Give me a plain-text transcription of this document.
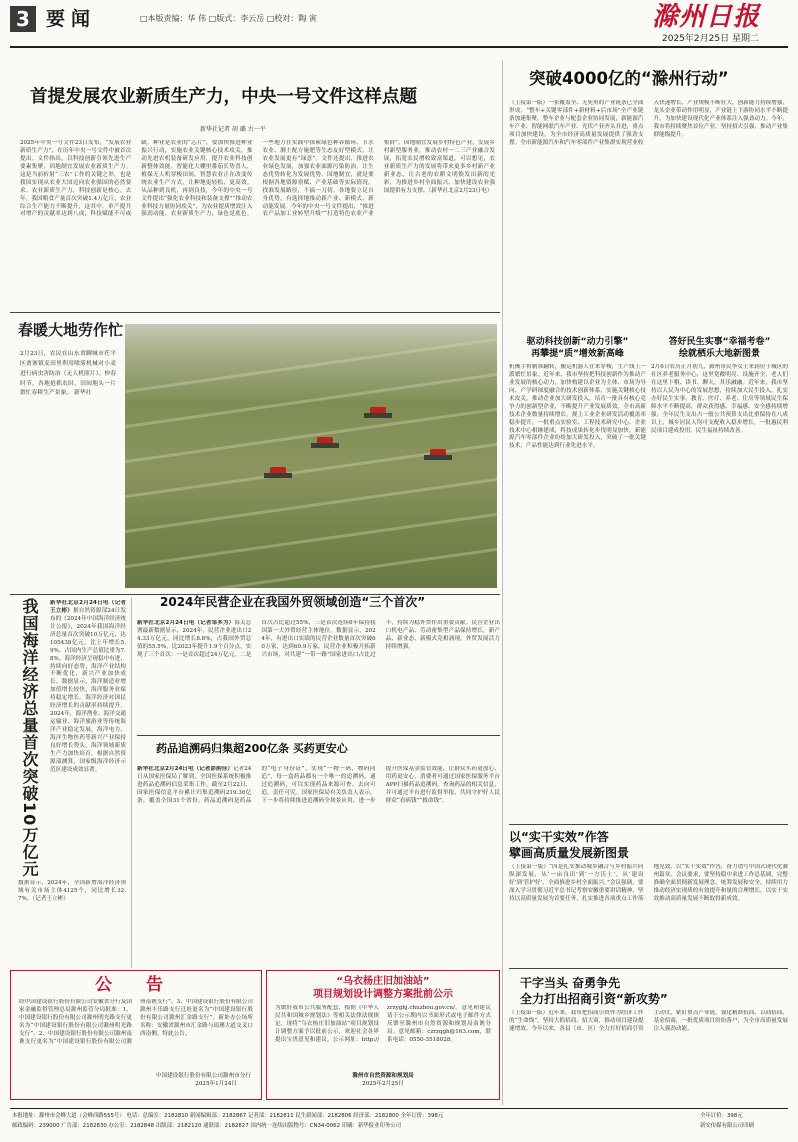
3 要闻	□本版责编：华 伟 □版式：李云岳 □校对：陶 寅	滁州日报
2025年2月25日 星期二
首提发展农业新质生产力，中央一号文件这样点题
新华社记者 胡 璐 古一平
2025年中央一号文件23日发布，“发展农业新质生产力”，在历年中央一号文件中被首次提出。文件指出，以科技创新引领先进生产要素集聚，因地制宜发展农业新质生产力。这是当前折射“三农”工作的关键之举，也是我国实现从农业大国迈向农业强国的必然要求。农业新质生产力，科技创新是核心。去年，我国粮食产量首次突破1.4万亿斤，农业综合生产能力不断提升，这其中，单产提升对增产的贡献率达到八成，科技赋能不可或缺。种业是农业的“芯片”，要加快推进种业振兴行动，实施农业关键核心技术攻关，推动先进农机装备研发应用，提升农业科技创新整体效能。智能化大棚里番茄长势喜人，植保无人机穿梭田间，智慧农业正在改变传统农业生产方式，让种地更轻松、更高效。从品种到良机，再到良技，今年的中央一号文件提出“强化农业科技和装备支撑”“推动农业科技力量协同攻关”，为农业提质增效注入强劲动能。农业新质生产力，绿色是底色。一些地方在实践中探索绿色种养循环、节水农业、测土配方施肥等生态友好型模式，让农业发展更有“绿意”。文件还提出，推进农业绿色发展，加强农业面源污染防治，让生态优势转化为发展优势。因地制宜，就是要根据各地资源禀赋、产业基础等实际情况，找准发展路径，不搞一刀切。各地要立足自身优势，有选择地推动新产业、新模式、新动能发展。今年的中央一号文件提出，“推进农产品加工业转型升级”“打造特色农业产业集群”，因地制宜发展乡村特色产业，发展乡村新型服务业，推动农村一二三产业融合发展，拓宽农民增收致富渠道。可以想见，农业新质生产力的发展将带来更多乡村新产业新业态，让古老的农耕文明焕发出新的光彩，为推进乡村全面振兴、加快建设农业强国提供有力支撑。（新华社北京2月23日电）
突破4000亿的“滁州行动”
（上接第一版）一张覆盖全、无死角的产业链条已全面形成，“整车+关键零部件+新材料+后市场”全产业链条加速集聚，整车企业与配套企业协同发展，新能源汽车产业、智能网联汽车产业、光伏产业齐头并进，重点项目加快建设，为全市经济高质量发展提供了强劲支撑。全市新能源汽车和汽车零部件产业集群实现营业收入快速增长，产业规模不断壮大，创新能力持续增强，龙头企业带动作用明显，产业链上下游协同水平不断提升，为加快建设现代化产业体系注入强劲动力。今年，我市将持续聚焦首位产业，坚持招大引强，推动产业集群能级提升。
驱动科技创新“动力引擎”
再攀提“质”增效新高峰
答好民生实事“幸福考卷”
绘就栖乐大地新图景
机械手臂精准翻转，搬运机器人往来穿梭，生产线上一派繁忙景象。近年来，我市坚持把科技创新作为推动产业发展的核心动力，加快构建以企业为主体、市场为导向、产学研深度融合的技术创新体系，实施关键核心技术攻关，推动企业加大研发投入，培育一批具有核心竞争力的创新型企业，不断提升产业发展质效。全市高新技术企业数量持续增长，规上工业企业研发活动覆盖率稳步提升，一批重点实验室、工程技术研究中心、企业技术中心相继建成，科技成果转化步伐明显加快。新能源汽车零部件企业纷纷加大研发投入，突破了一批关键技术，产品性能达到行业先进水平。
2月6日农历正月初九，滁州市民李女士来到位于城区的社区养老服务中心，这里宽敞明亮、设施齐全，老人们在这里下棋、读书、聊天，其乐融融。近年来，我市坚持以人民为中心的发展思想，持续加大民生投入，扎实办好民生实事，教育、医疗、养老、住房等领域民生保障水平不断提高，群众获得感、幸福感、安全感持续增强。全年民生支出占一般公共预算支出比重保持在八成以上，城乡居民人均可支配收入稳步增长，一批惠民利民项目建成投用，民生福祉持续改善。
春暖大地劳作忙
2月23日，农民在山东省聊城市茌平区贾寨镇麦田里利用喷雾机械对小麦进行病虫害防治（无人机照片）。仲春时节，各地抢抓农时，田间地头一片繁忙春耕生产景象。 新华社
我国海洋经济总量首次突破10万亿元	新华社北京2月24日电（记者王立彬）据自然资源部24日发布的《2024年中国海洋经济统计公报》，2024年我国海洋经济总量首次突破10万亿元，达105438亿元，比上年增长5.9%，占国内生产总值比重为7.8%。海洋经济呈现稳中有进、持续向好态势，海洋产业结构不断优化，新兴产业加快成长。数据显示，海洋制造业增加值增长较快，海洋服务业保持稳定增长。海洋经济对国民经济增长的贡献率持续提升。2024年，海洋渔业、海洋交通运输业、海洋旅游业等传统海洋产业稳定发展，海洋电力、海洋生物医药等新兴产业保持良好增长势头，海洋领域新质生产力加快培育。根据自然资源部测算，国家级海洋经济示范区建设成效显著。
数据显示，2024年，全国新增海洋经济领域有关市场主体4125个，同比增长32.7%。（记者王立彬）
2024年民营企业在我国外贸领域创造“三个首次”
新华社北京2月24日电（记者邹多为）海关总署最新数据显示，2024年，民营企业进出口24.33万亿元，同比增长8.8%，占我国外贸总值的55.5%，比2023年提升1.9个百分点，实现了三个首次：一是首次超过24万亿元，二是首次占比超过55%，三是首次连续6年保持我国第一大外贸经营主体地位。数据显示，2024年，有进出口实绩的民营企业数量首次突破60万家，达到60.9万家。民营企业积极开拓新兴市场，对共建“一带一路”国家进出口占比过半，持续为稳外贸作出重要贡献。民营企业出口机电产品、劳动密集型产品保持增长，新产品、新业态、新模式竞相涌现，外贸发展活力持续增强。
药品追溯码归集超200亿条 买药更安心
新华社北京2月24日电（记者彭韵佳）记者24日从国家医保局了解到，全国医保系统积极推进药品追溯码信息采集工作，截至2月22日，国家医保信息平台累计归集追溯码219.36亿条，覆盖全国31个省份。药品追溯码是药品的“电子身份证”，实现“一物一码，物码同追”，每一盒药品都有一个唯一的追溯码。通过追溯码，可以实现药品来源可查、去向可追、责任可究。国家医保局有关负责人表示，下一步将持续推进追溯码全场景应用，进一步提升医保基金监管效能，让群众买药更放心、用药更安心。消费者可通过国家医保服务平台APP扫描药品追溯码，查询药品的相关信息，并可通过平台进行监督举报，共同守护好人民群众“看病钱”“救命钱”。
以“实干实效”作答
擘画高质量发展新图景
（上接第一版）“四是扎实推动城乡融合与乡村振兴向纵深发展，从‘一亩良田’到‘一方沃土’，从‘建设好’到‘管护好’，全面推进乡村全面振兴。”会议强调，要深入学习贯彻习近平总书记考察安徽重要讲话精神，坚持以高质量发展为首要任务，扎实推进各项重点工作落地见效，以“实干实效”作答，奋力谱写中国式现代化滁州篇章。会议要求，要坚持稳中求进工作总基调，完整准确全面贯彻新发展理念，统筹发展和安全，持续用力推动经济实现质的有效提升和量的合理增长，以实干实效推动高质量发展不断取得新成效。
公 告
经中国建设银行股份有限公司安徽省分行及国家金融监督管理总局滁州监管分局批准：1、中国建设银行股份有限公司滁州明光路支行更名为“中国建设银行股份有限公司滁州明光路支行”。2、中国建设银行股份有限公司滁州南谯支行更名为“中国建设银行股份有限公司滁州南谯支行”。3、中国建设银行股份有限公司滁州丰乐路支行迁址更名为“中国建设银行股份有限公司滁州汇金路支行”。新址办公场所名称：安徽省滁州市汇金路与琅琊大道交叉口西南侧。特此公告。
中国建设银行股份有限公司滁州市分行
2025年1月24日
“乌衣杨庄旧加油站”
项目规划设计调整方案批前公示
为做好我市公共服务配套，根据《中华人民共和国城乡规划法》等相关法律法规规定，现将“乌衣杨庄旧加油站”项目规划设计调整方案予以批前公示，欢迎社会各界提出宝贵意见和建议。公示网址：http://zrzyghj.chuzhou.gov.cn/。意见和建议请于公示期内以书面形式或电子邮件方式反馈至滁州市自然资源和规划局南谯分局。意见邮箱：czrzqgh@163.com，联系电话：0550-3518028。
滁州市自然资源和规划局
2025年2月25日
干字当头 奋勇争先
全力打出招商引资“新攻势”
（上接第一版）近年来，我市把招商引资作为经济工作的“生命线”，坚持大抓招商、招大商，推动项目建设提速增效。今年以来，各县（市、区）全力打好招商引资主动仗，紧盯重点产业链，强化精准招商、以商招商、基金招商，一批优质项目纷纷落户，为全市高质量发展注入强劲动能。
本报地址：滁州市会峰大道（会峰西路555号） 电话：总编室：2182810 新闻编辑部：2182867 记者部：2182811 民生新闻部：2182806 经济部：2182800 全年订价：398元
邮政编码：239000 广告部：2182830 办公室：2182848 出版部：2182120 通联部：2182827 国内统一连续出版物号：CN34-0062 印刷：新华报业印务公司
全年订价：398元
新安传媒有限公司印刷
